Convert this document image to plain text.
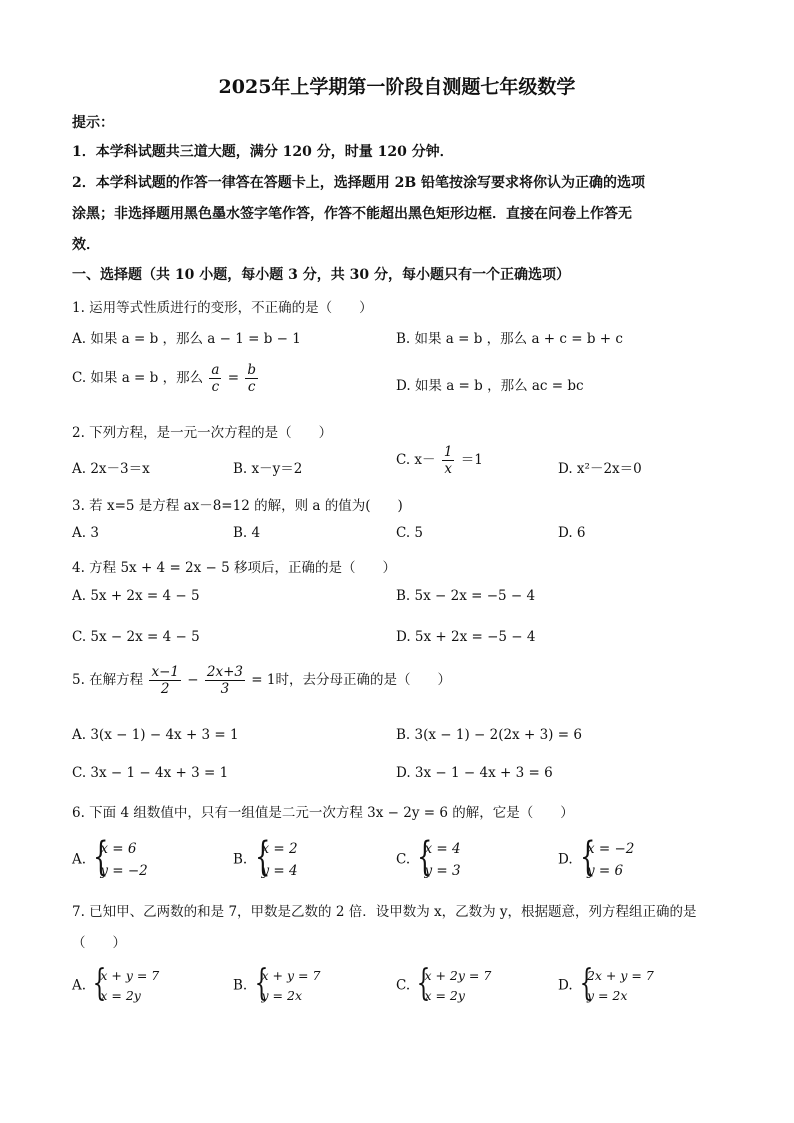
2025年上学期第一阶段自测题七年级数学
提示：
1．本学科试题共三道大题，满分 120 分，时量 120 分钟．
2．本学科试题的作答一律答在答题卡上，选择题用 2B 铅笔按涂写要求将你认为正确的选项
涂黑；非选择题用黑色墨水签字笔作答，作答不能超出黑色矩形边框．直接在问卷上作答无
效．
一、选择题（共 10 小题，每小题 3 分，共 30 分，每小题只有一个正确选项）
1. 运用等式性质进行的变形，不正确的是（　　）
A. 如果 a = b ，那么 a − 1 = b − 1	B. 如果 a = b ，那么 a + c = b + c
C. 如果 a = b ，那么 $\frac{a}{c} = \frac{b}{c}$	D. 如果 a = b ，那么 ac = bc
2. 下列方程，是一元一次方程的是（　　）
A. 2x－3＝x	B. x－y＝2
C. $x- \frac{1}{x} =1$
D. x²－2x＝0
3. 若 x=5 是方程 ax－8=12 的解，则 a 的值为(　　)
A. 3	B. 4	C. 5	D. 6
4. 方程 5x + 4 = 2x − 5 移项后，正确的是（　　）
A. 5x + 2x = 4 − 5	B. 5x − 2x = −5 − 4
C. 5x − 2x = 4 − 5	D. 5x + 2x = −5 − 4
5. 在解方程 $\frac{x-1}{2} - \frac{2x+3}{3} = 1$时，去分母正确的是（　　）
A. 3(x − 1) − 4x + 3 = 1	B. 3(x − 1) − 2(2x + 3) = 6
C. 3x − 1 − 4x + 3 = 1	D. 3x − 1 − 4x + 3 = 6
6. 下面 4 组数值中，只有一组值是二元一次方程 3x − 2y = 6 的解，它是（　　）
A.
{ x = 6
y = −2
B.
{ x = 2
y = 4
C.
{ x = 4
y = 3
D.
{ x = −2
y = 6
7. 已知甲、乙两数的和是 7，甲数是乙数的 2 倍．设甲数为 x，乙数为 y，根据题意，列方程组正确的是
（　　）
A.
{ x + y = 7
x = 2y
B.
{ x + y = 7
y = 2x
C.
{ x + 2y = 7
x = 2y
D.
{ 2x + y = 7
y = 2x
